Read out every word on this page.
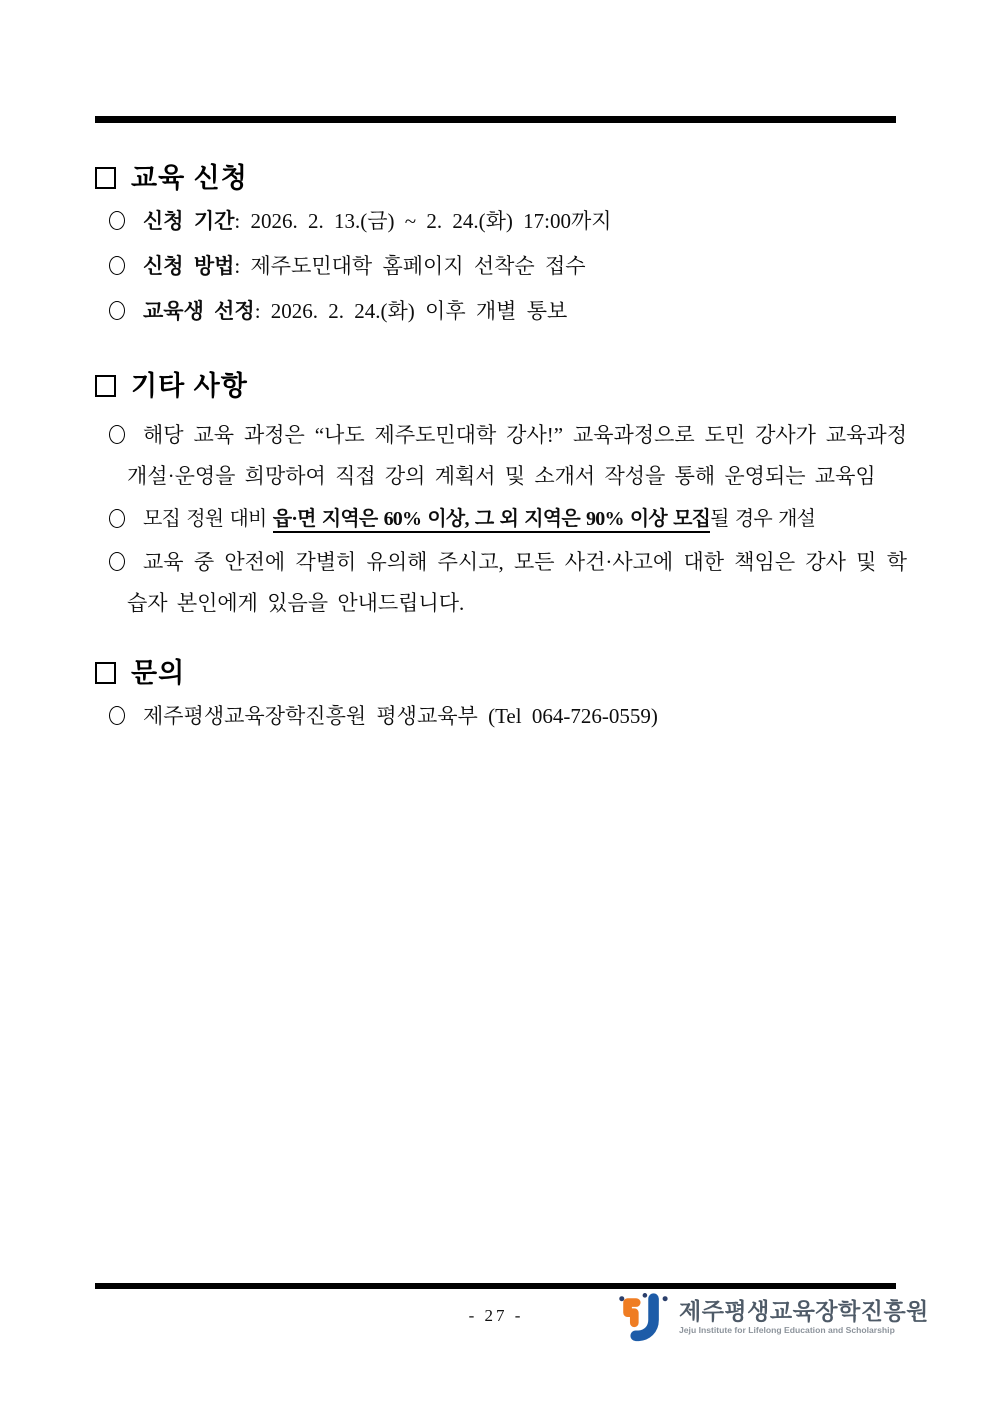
교육 신청
신청 기간: 2026. 2. 13.(금) ~ 2. 24.(화) 17:00까지
신청 방법: 제주도민대학 홈페이지 선착순 접수
교육생 선정: 2026. 2. 24.(화) 이후 개별 통보
기타 사항
해당 교육 과정은 “나도 제주도민대학 강사!” 교육과정으로 도민 강사가 교육과정 개설·운영을 희망하여 직접 강의 계획서 및 소개서 작성을 통해 운영되는 교육임
모집 정원 대비 읍·면 지역은 60% 이상, 그 외 지역은 90% 이상 모집될 경우 개설
교육 중 안전에 각별히 유의해 주시고, 모든 사건·사고에 대한 책임은 강사 및 학습자 본인에게 있음을 안내드립니다.
문의
제주평생교육장학진흥원 평생교육부 (Tel 064-726-0559)
- 27 -	제주평생교육장학진흥원
Jeju Institute for Lifelong Education and Scholarship
